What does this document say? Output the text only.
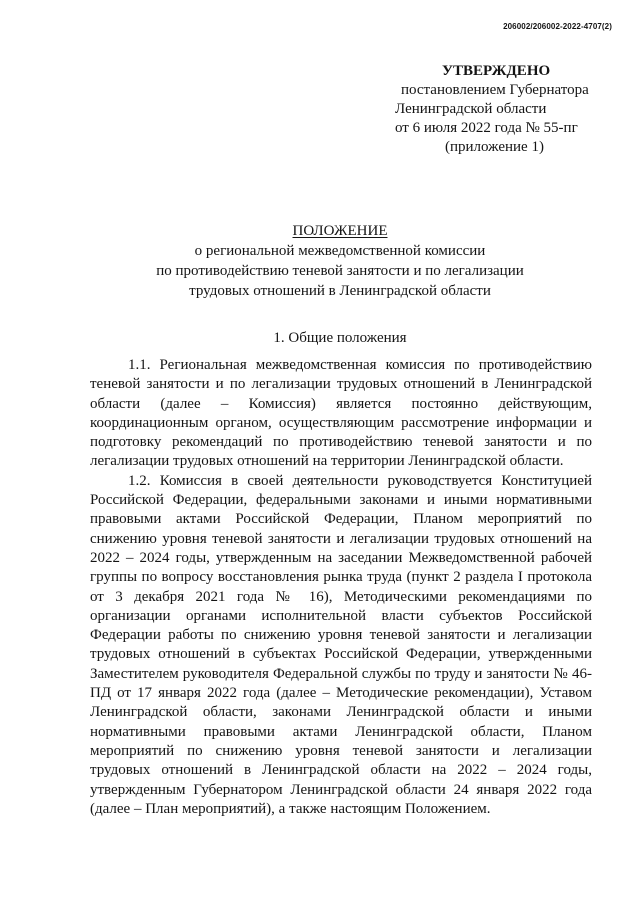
206002/206002-2022-4707(2)
УТВЕРЖДЕНО
постановлением Губернатора
Ленинградской области
от 6 июля 2022 года № 55-пг
(приложение 1)
ПОЛОЖЕНИЕ
о региональной межведомственной комиссии
по противодействию теневой занятости и по легализации
трудовых отношений в Ленинградской области
1. Общие положения

1.1. Региональная межведомственная комиссия по противодействию теневой занятости и по легализации трудовых отношений в Ленинградской области (далее – Комиссия) является постоянно действующим, координационным органом, осуществляющим рассмотрение информации и подготовку рекомендаций по противодействию теневой занятости и по легализации трудовых отношений на территории Ленинградской области.

1.2. Комиссия в своей деятельности руководствуется Конституцией Российской Федерации, федеральными законами и иными нормативными правовыми актами Российской Федерации, Планом мероприятий по снижению уровня теневой занятости и легализации трудовых отношений на 2022 – 2024 годы, утвержденным на заседании Межведомственной рабочей группы по вопросу восстановления рынка труда (пункт 2 раздела I протокола от 3 декабря 2021 года № 16), Методическими рекомендациями по организации органами исполнительной власти субъектов Российской Федерации работы по снижению уровня теневой занятости и легализации трудовых отношений в субъектах Российской Федерации, утвержденными Заместителем руководителя Федеральной службы по труду и занятости № 46-ПД от 17 января 2022 года (далее – Методические рекомендации), Уставом Ленинградской области, законами Ленинградской области и иными нормативными правовыми актами Ленинградской области, Планом мероприятий по снижению уровня теневой занятости и легализации трудовых отношений в Ленинградской области на 2022 – 2024 годы, утвержденным Губернатором Ленинградской области 24 января 2022 года (далее – План мероприятий), а также настоящим Положением.
